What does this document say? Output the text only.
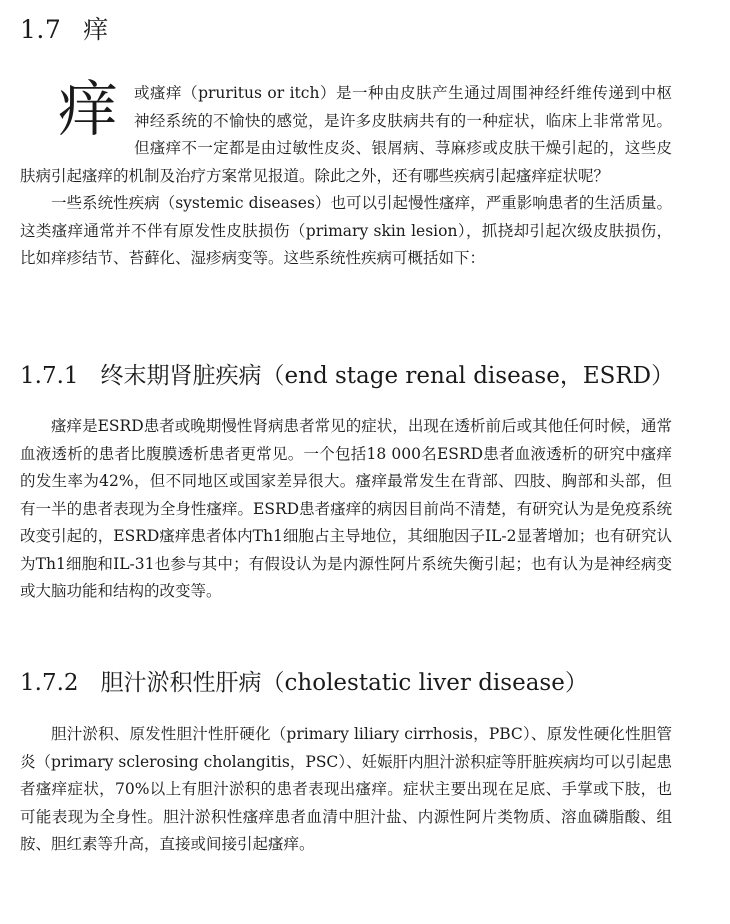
1.7 痒
痒	或瘙痒（pruritus or itch）是一种由皮肤产生通过周围神经纤维传递到中枢神经系统的不愉快的感觉，是许多皮肤病共有的一种症状，临床上非常常见。但瘙痒不一定都是由过敏性皮炎、银屑病、荨麻疹或皮肤干燥引起的，这些皮肤病引起瘙痒的机制及治疗方案常见报道。除此之外，还有哪些疾病引起瘙痒症状呢？

一些系统性疾病（systemic diseases）也可以引起慢性瘙痒，严重影响患者的生活质量。这类瘙痒通常并不伴有原发性皮肤损伤（primary skin lesion），抓挠却引起次级皮肤损伤，比如痒疹结节、苔藓化、湿疹病变等。这些系统性疾病可概括如下：

1.7.1 终末期肾脏疾病（end stage renal disease，ESRD）

瘙痒是ESRD患者或晚期慢性肾病患者常见的症状，出现在透析前后或其他任何时候，通常血液透析的患者比腹膜透析患者更常见。一个包括18 000名ESRD患者血液透析的研究中瘙痒的发生率为42%，但不同地区或国家差异很大。瘙痒最常发生在背部、四肢、胸部和头部，但有一半的患者表现为全身性瘙痒。ESRD患者瘙痒的病因目前尚不清楚，有研究认为是免疫系统改变引起的，ESRD瘙痒患者体内Th1细胞占主导地位，其细胞因子IL-2显著增加；也有研究认为Th1细胞和IL-31也参与其中；有假设认为是内源性阿片系统失衡引起；也有认为是神经病变或大脑功能和结构的改变等。

1.7.2 胆汁淤积性肝病（cholestatic liver disease）

胆汁淤积、原发性胆汁性肝硬化（primary liliary cirrhosis，PBC）、原发性硬化性胆管炎（primary sclerosing cholangitis，PSC）、妊娠肝内胆汁淤积症等肝脏疾病均可以引起患者瘙痒症状，70%以上有胆汁淤积的患者表现出瘙痒。症状主要出现在足底、手掌或下肢，也可能表现为全身性。胆汁淤积性瘙痒患者血清中胆汁盐、内源性阿片类物质、溶血磷脂酸、组胺、胆红素等升高，直接或间接引起瘙痒。
